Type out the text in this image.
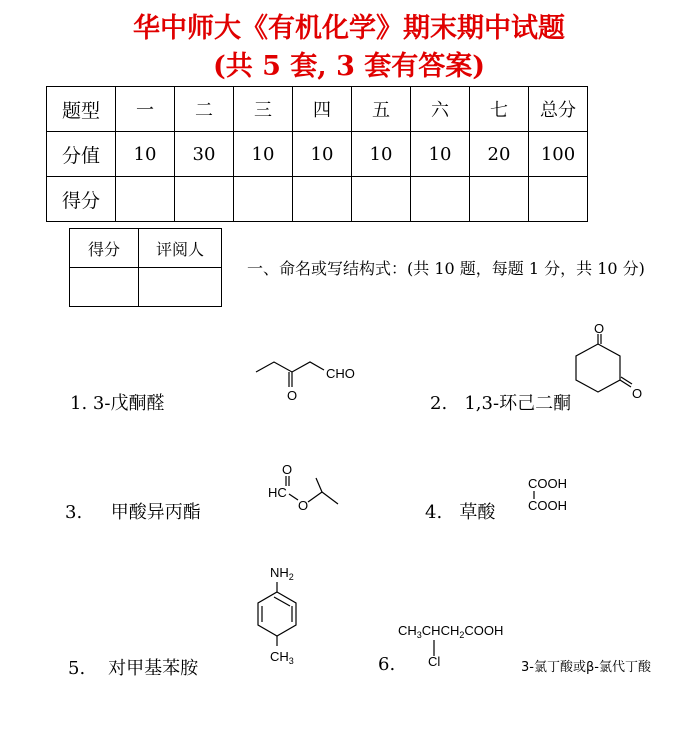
华中师大《有机化学》期末期中试题
(共 5 套, 3 套有答案)
题型	一	二	三	四	五	六	七	总分
分值	10	30	10	10	10	10	20	100
得分								
得分	评阅人

一、命名或写结构式：(共 10 题，每题 1 分，共 10 分)
1. 3-戊酮醛
CHO
O	2. 1,3-环己二酮
O
O
3. 甲酸异丙酯
O
HC
O	4. 草酸
COOH
COOH
5. 对甲基苯胺
$NH_2$
$CH_3$	6.
$CH_3CHCH_2COOH$
Cl	3-氯丁酸或β-氯代丁酸
